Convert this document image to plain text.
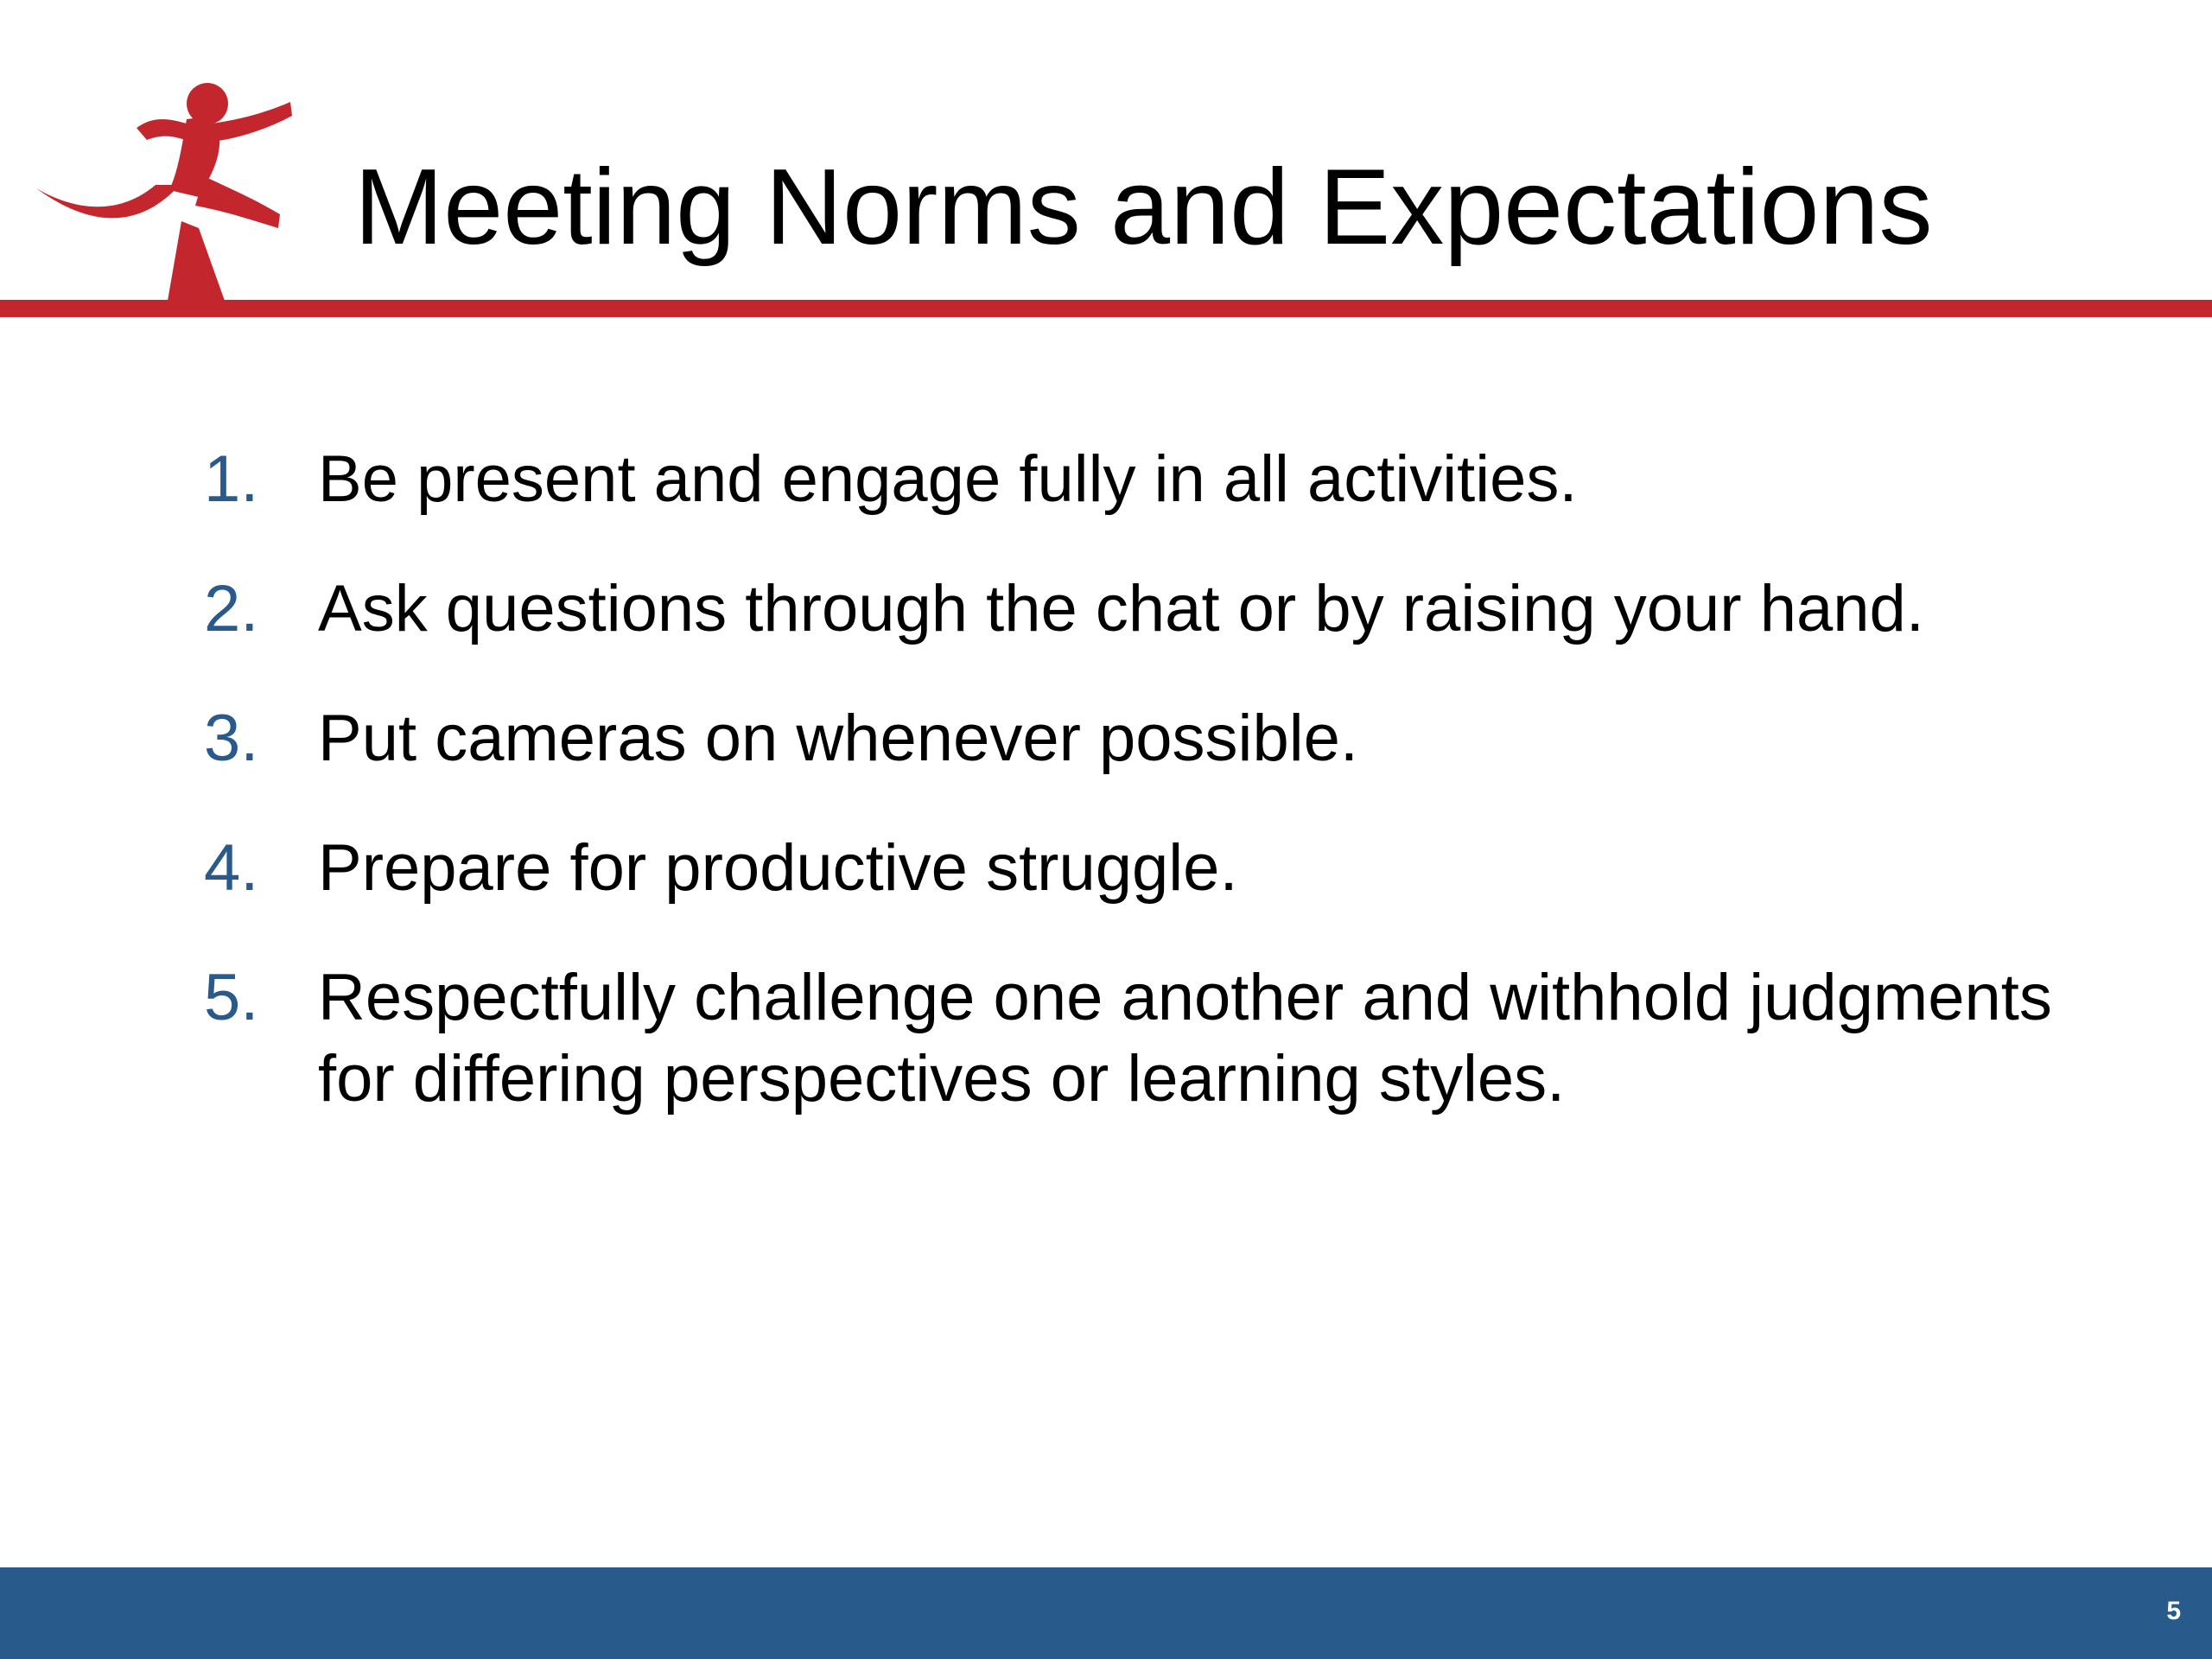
Meeting Norms and Expectations
1. Be present and engage fully in all activities.
2. Ask questions through the chat or by raising your hand.
3. Put cameras on whenever possible.
4. Prepare for productive struggle.
5. Respectfully challenge one another and withhold judgments for differing perspectives or learning styles.
5
